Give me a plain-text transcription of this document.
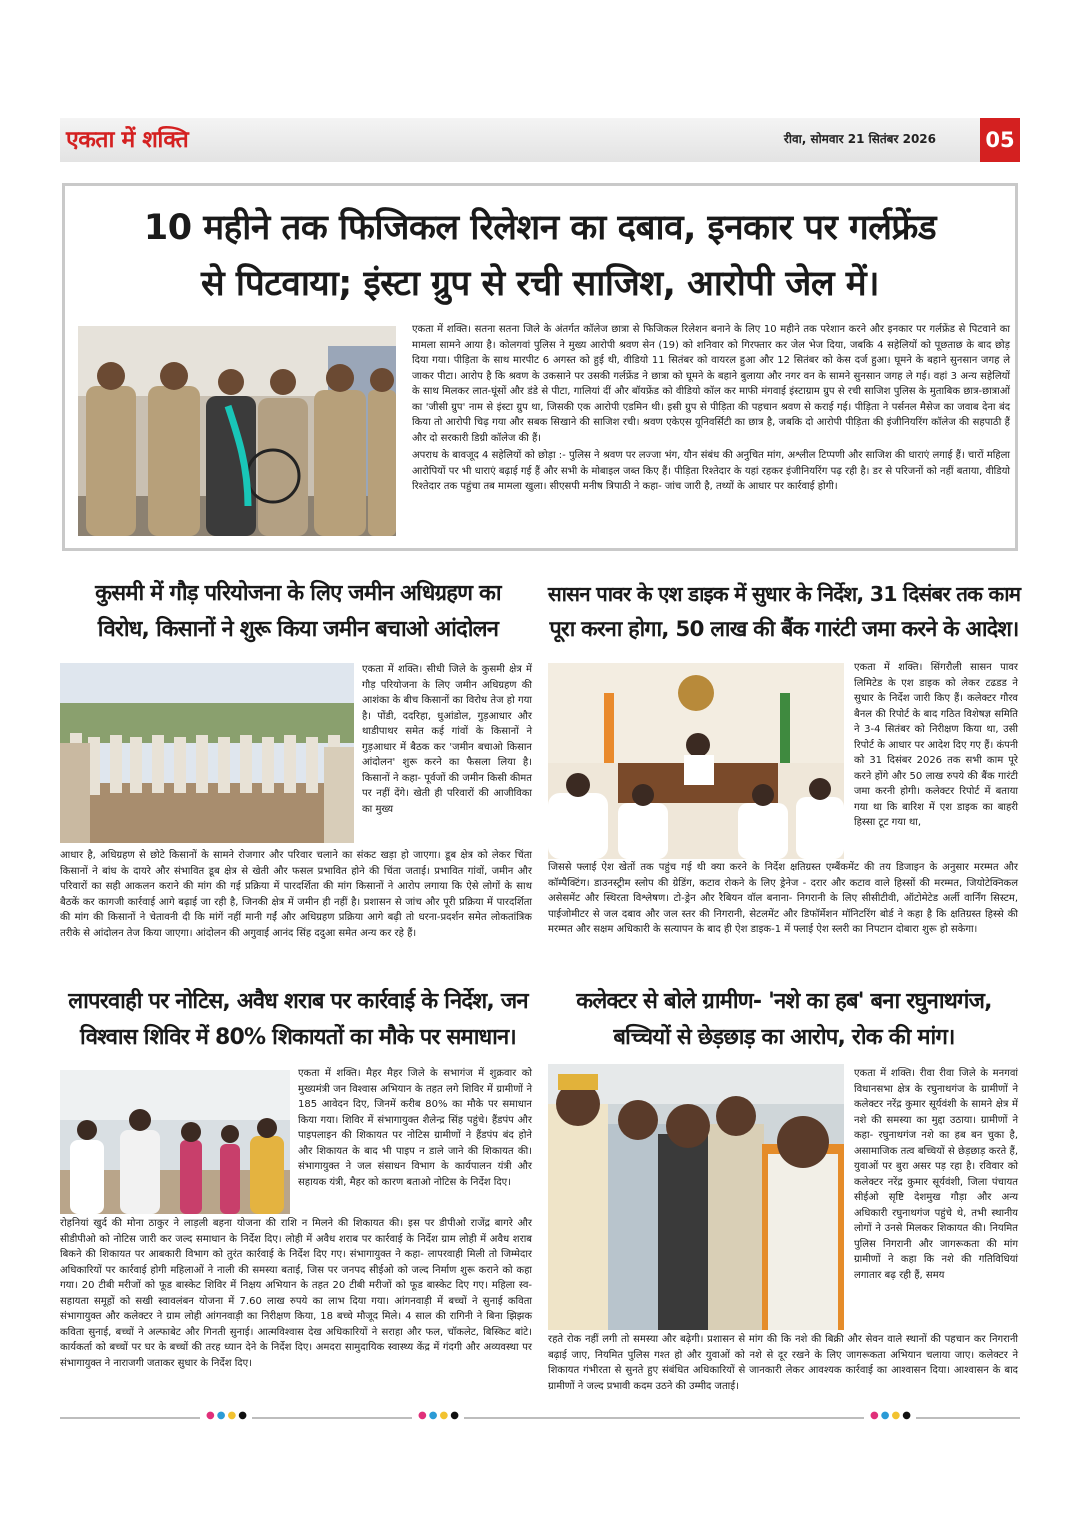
एकता में शक्ति	रीवा, सोमवार 21 सितंबर 2026 05
10 महीने तक फिजिकल रिलेशन का दबाव, इनकार पर गर्लफ्रेंड
से पिटवाया; इंस्टा ग्रुप से रची साजिश, आरोपी जेल में।

एकता में शक्ति। सतना सतना जिले के अंतर्गत कॉलेज छात्रा से फिजिकल रिलेशन बनाने के लिए 10 महीने तक परेशान करने और इनकार पर गर्लफ्रेंड से पिटवाने का मामला सामने आया है। कोलगवां पुलिस ने मुख्य आरोपी श्रवण सेन (19) को शनिवार को गिरफ्तार कर जेल भेज दिया, जबकि 4 सहेलियों को पूछताछ के बाद छोड़ दिया गया। पीड़िता के साथ मारपीट 6 अगस्त को हुई थी, वीडियो 11 सितंबर को वायरल हुआ और 12 सितंबर को केस दर्ज हुआ। घूमने के बहाने सुनसान जगह ले जाकर पीटा। आरोप है कि श्रवण के उकसाने पर उसकी गर्लफ्रेंड ने छात्रा को घूमने के बहाने बुलाया और नगर वन के सामने सुनसान जगह ले गई। वहां 3 अन्य सहेलियों के साथ मिलकर लात-घूंसों और डंडे से पीटा, गालियां दीं और बॉयफ्रेंड को वीडियो कॉल कर माफी मंगवाई इंस्टाग्राम ग्रुप से रची साजिश पुलिस के मुताबिक छात्र-छात्राओं का 'जीसी ग्रुप' नाम से इंस्टा ग्रुप था, जिसकी एक आरोपी एडमिन थी। इसी ग्रुप से पीड़िता की पहचान श्रवण से कराई गई। पीड़िता ने पर्सनल मैसेज का जवाब देना बंद किया तो आरोपी चिढ़ गया और सबक सिखाने की साजिश रची। श्रवण एकेएस यूनिवर्सिटी का छात्र है, जबकि दो आरोपी पीड़िता की इंजीनियरिंग कॉलेज की सहपाठी हैं और दो सरकारी डिग्री कॉलेज की हैं।

अपराध के बावजूद 4 सहेलियों को छोड़ा :- पुलिस ने श्रवण पर लज्जा भंग, यौन संबंध की अनुचित मांग, अश्लील टिप्पणी और साजिश की धाराएं लगाई हैं। चारों महिला आरोपियों पर भी धाराएं बढ़ाई गई हैं और सभी के मोबाइल जब्त किए हैं। पीड़िता रिश्तेदार के यहां रहकर इंजीनियरिंग पढ़ रही है। डर से परिजनों को नहीं बताया, वीडियो रिश्तेदार तक पहुंचा तब मामला खुला। सीएसपी मनीष त्रिपाठी ने कहा- जांच जारी है, तथ्यों के आधार पर कार्रवाई होगी।

कुसमी में गौड़ परियोजना के लिए जमीन अधिग्रहण का
विरोध, किसानों ने शुरू किया जमीन बचाओ आंदोलन
एकता में शक्ति। सीधी जिले के कुसमी क्षेत्र में गौड़ परियोजना के लिए जमीन अधिग्रहण की आशंका के बीच किसानों का विरोध तेज हो गया है। पोंडी, ददरिहा, धुआंडोल, गुड़आधार और थाडीपाथर समेत कई गांवों के किसानों ने गुड़आधार में बैठक कर 'जमीन बचाओ किसान आंदोलन' शुरू करने का फैसला लिया है। किसानों ने कहा- पूर्वजों की जमीन किसी कीमत पर नहीं देंगे। खेती ही परिवारों की आजीविका का मुख्य
आधार है, अधिग्रहण से छोटे किसानों के सामने रोजगार और परिवार चलाने का संकट खड़ा हो जाएगा। डूब क्षेत्र को लेकर चिंता किसानों ने बांध के दायरे और संभावित डूब क्षेत्र से खेती और फसल प्रभावित होने की चिंता जताई। प्रभावित गांवों, जमीन और परिवारों का सही आकलन कराने की मांग की गई प्रक्रिया में पारदर्शिता की मांग किसानों ने आरोप लगाया कि ऐसे लोगों के साथ बैठकें कर कागजी कार्रवाई आगे बढ़ाई जा रही है, जिनकी क्षेत्र में जमीन ही नहीं है। प्रशासन से जांच और पूरी प्रक्रिया में पारदर्शिता की मांग की किसानों ने चेतावनी दी कि मांगें नहीं मानी गईं और अधिग्रहण प्रक्रिया आगे बढ़ी तो धरना-प्रदर्शन समेत लोकतांत्रिक तरीके से आंदोलन तेज किया जाएगा। आंदोलन की अगुवाई आनंद सिंह ददुआ समेत अन्य कर रहे हैं।
सासन पावर के एश डाइक में सुधार के निर्देश, 31 दिसंबर तक काम
पूरा करना होगा, 50 लाख की बैंक गारंटी जमा करने के आदेश।
एकता में शक्ति। सिंगरौली सासन पावर लिमिटेड के एश डाइक को लेकर टढडड ने सुधार के निर्देश जारी किए हैं। कलेक्टर गौरव बैनल की रिपोर्ट के बाद गठित विशेषज्ञ समिति ने 3-4 सितंबर को निरीक्षण किया था, उसी रिपोर्ट के आधार पर आदेश दिए गए हैं। कंपनी को 31 दिसंबर 2026 तक सभी काम पूरे करने होंगे और 50 लाख रुपये की बैंक गारंटी जमा करनी होगी। कलेक्टर रिपोर्ट में बताया गया था कि बारिश में एश डाइक का बाहरी हिस्सा टूट गया था,
जिससे फ्लाई ऐश खेतों तक पहुंच गई थी क्या करने के निर्देश क्षतिग्रस्त एम्बैंकमेंट की तय डिजाइन के अनुसार मरम्मत और कॉम्पैक्टिंग। डाउनस्ट्रीम स्लोप की ग्रेडिंग, कटाव रोकने के लिए ड्रेनेज - दरार और कटाव वाले हिस्सों की मरम्मत, जियोटेक्निकल असेसमेंट और स्थिरता विश्लेषण। टो-ड्रेन और रैबियन वॉल बनाना- निगरानी के लिए सीसीटीवी, ऑटोमेटेड अर्ली वार्निंग सिस्टम, पाईजोमीटर से जल दबाव और जल स्तर की निगरानी, सेटलमेंट और डिफॉर्मेशन मॉनिटरिंग बोर्ड ने कहा है कि क्षतिग्रस्त हिस्से की मरम्मत और सक्षम अधिकारी के सत्यापन के बाद ही ऐश डाइक-1 में फ्लाई ऐश स्लरी का निपटान दोबारा शुरू हो सकेगा।
लापरवाही पर नोटिस, अवैध शराब पर कार्रवाई के निर्देश, जन
विश्वास शिविर में 80% शिकायतों का मौके पर समाधान।
एकता में शक्ति। मैहर मैहर जिले के सभागंज में शुक्रवार को मुख्यमंत्री जन विश्वास अभियान के तहत लगे शिविर में ग्रामीणों ने 185 आवेदन दिए, जिनमें करीब 80% का मौके पर समाधान किया गया। शिविर में संभागायुक्त शैलेन्द्र सिंह पहुंचे। हैंडपंप और पाइपलाइन की शिकायत पर नोटिस ग्रामीणों ने हैंडपंप बंद होने और शिकायत के बाद भी पाइप न डाले जाने की शिकायत की। संभागायुक्त ने जल संसाधन विभाग के कार्यपालन यंत्री और सहायक यंत्री, मैहर को कारण बताओ नोटिस के निर्देश दिए।
रोहनियां खुर्द की मोना ठाकुर ने लाड़ली बहना योजना की राशि न मिलने की शिकायत की। इस पर डीपीओ राजेंद्र बागरे और सीडीपीओ को नोटिस जारी कर जल्द समाधान के निर्देश दिए। लोही में अवैध शराब पर कार्रवाई के निर्देश ग्राम लोही में अवैध शराब बिकने की शिकायत पर आबकारी विभाग को तुरंत कार्रवाई के निर्देश दिए गए। संभागायुक्त ने कहा- लापरवाही मिली तो जिम्मेदार अधिकारियों पर कार्रवाई होगी महिलाओं ने नाली की समस्या बताई, जिस पर जनपद सीईओ को जल्द निर्माण शुरू कराने को कहा गया। 20 टीबी मरीजों को फूड बास्केट शिविर में निक्षय अभियान के तहत 20 टीबी मरीजों को फूड बास्केट दिए गए। महिला स्व-सहायता समूहों को सखी स्वावलंबन योजना में 7.60 लाख रुपये का लाभ दिया गया। आंगनवाड़ी में बच्चों ने सुनाई कविता संभागायुक्त और कलेक्टर ने ग्राम लोही आंगनवाड़ी का निरीक्षण किया, 18 बच्चे मौजूद मिले। 4 साल की रागिनी ने बिना झिझक कविता सुनाई, बच्चों ने अल्फाबेट और गिनती सुनाई। आत्मविश्वास देख अधिकारियों ने सराहा और फल, चॉकलेट, बिस्किट बांटे। कार्यकर्ता को बच्चों पर घर के बच्चों की तरह ध्यान देने के निर्देश दिए। अमदरा सामुदायिक स्वास्थ्य केंद्र में गंदगी और अव्यवस्था पर संभागायुक्त ने नाराजगी जताकर सुधार के निर्देश दिए।
कलेक्टर से बोले ग्रामीण- 'नशे का हब' बना रघुनाथगंज,
बच्चियों से छेड़छाड़ का आरोप, रोक की मांग।
एकता में शक्ति। रीवा रीवा जिले के मनगवां विधानसभा क्षेत्र के रघुनाथगंज के ग्रामीणों ने कलेक्टर नरेंद्र कुमार सूर्यवंशी के सामने क्षेत्र में नशे की समस्या का मुद्दा उठाया। ग्रामीणों ने कहा- रघुनाथगंज नशे का हब बन चुका है, असामाजिक तत्व बच्चियों से छेड़छाड़ करते हैं, युवाओं पर बुरा असर पड़ रहा है। रविवार को कलेक्टर नरेंद्र कुमार सूर्यवंशी, जिला पंचायत सीईओ सृष्टि देशमुख गौड़ा और अन्य अधिकारी रघुनाथगंज पहुंचे थे, तभी स्थानीय लोगों ने उनसे मिलकर शिकायत की। नियमित पुलिस निगरानी और जागरूकता की मांग ग्रामीणों ने कहा कि नशे की गतिविधियां लगातार बढ़ रही हैं, समय
रहते रोक नहीं लगी तो समस्या और बढ़ेगी। प्रशासन से मांग की कि नशे की बिक्री और सेवन वाले स्थानों की पहचान कर निगरानी बढ़ाई जाए, नियमित पुलिस गश्त हो और युवाओं को नशे से दूर रखने के लिए जागरूकता अभियान चलाया जाए। कलेक्टर ने शिकायत गंभीरता से सुनते हुए संबंधित अधिकारियों से जानकारी लेकर आवश्यक कार्रवाई का आश्वासन दिया। आश्वासन के बाद ग्रामीणों ने जल्द प्रभावी कदम उठने की उम्मीद जताई।
●●●●	●●●●	●●●●
